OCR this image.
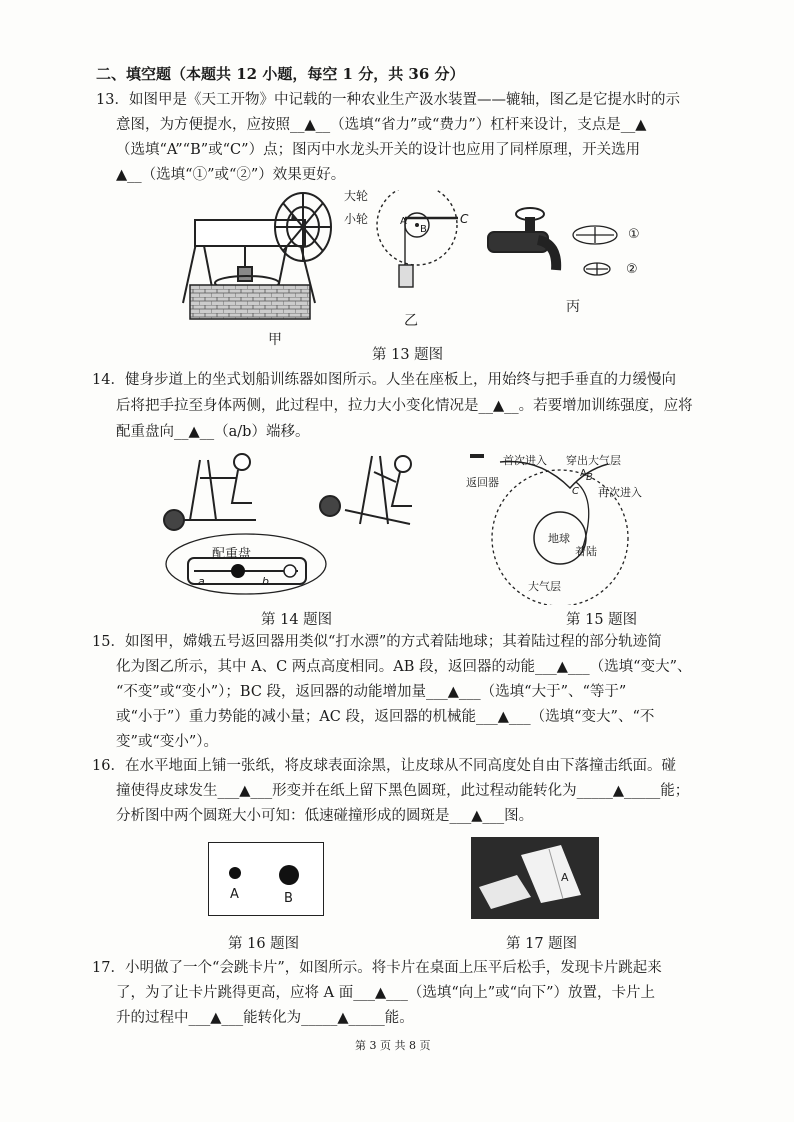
二、填空题（本题共 12 小题，每空 1 分，共 36 分）
13．如图甲是《天工开物》中记载的一种农业生产汲水装置——辘轴，图乙是它提水时的示
意图，为方便提水，应按照__▲__（选填“省力”或“费力”）杠杆来设计，支点是__▲
（选填“A”“B”或“C”）点；图丙中水龙头开关的设计也应用了同样原理，开关选用
▲__（选填“①”或“②”）效果更好。
甲
大轮
小轮	A
B
C
乙
①
②
丙
第 13 题图
14．健身步道上的坐式划船训练器如图所示。人坐在座板上，用始终与把手垂直的力缓慢向
后将把手拉至身体两侧，此过程中，拉力大小变化情况是__▲__。若要增加训练强度，应将
配重盘向__▲__（a/b）端移。
配重盘
a	b
第 14 题图
首次进入 穿出大气层
返回器
再次进入
A B
C
地球
着陆
大气层
第 15 题图
15．如图甲，嫦娥五号返回器用类似“打水漂”的方式着陆地球；其着陆过程的部分轨迹简
化为图乙所示，其中 A、C 两点高度相同。AB 段，返回器的动能___▲___（选填“变大”、
“不变”或“变小”）；BC 段，返回器的动能增加量___▲___（选填“大于”、“等于”
或“小于”）重力势能的减小量；AC 段，返回器的机械能___▲___（选填“变大”、“不
变”或“变小”）。
16．在水平地面上铺一张纸，将皮球表面涂黑，让皮球从不同高度处自由下落撞击纸面。碰
撞使得皮球发生___▲___形变并在纸上留下黑色圆斑，此过程动能转化为_____▲_____能；
分析图中两个圆斑大小可知：低速碰撞形成的圆斑是___▲___图。
A	B
第 16 题图
A
第 17 题图
17．小明做了一个“会跳卡片”，如图所示。将卡片在桌面上压平后松手，发现卡片跳起来
了，为了让卡片跳得更高，应将 A 面___▲___（选填“向上”或“向下”）放置，卡片上
升的过程中___▲___能转化为_____▲_____能。
第 3 页 共 8 页
